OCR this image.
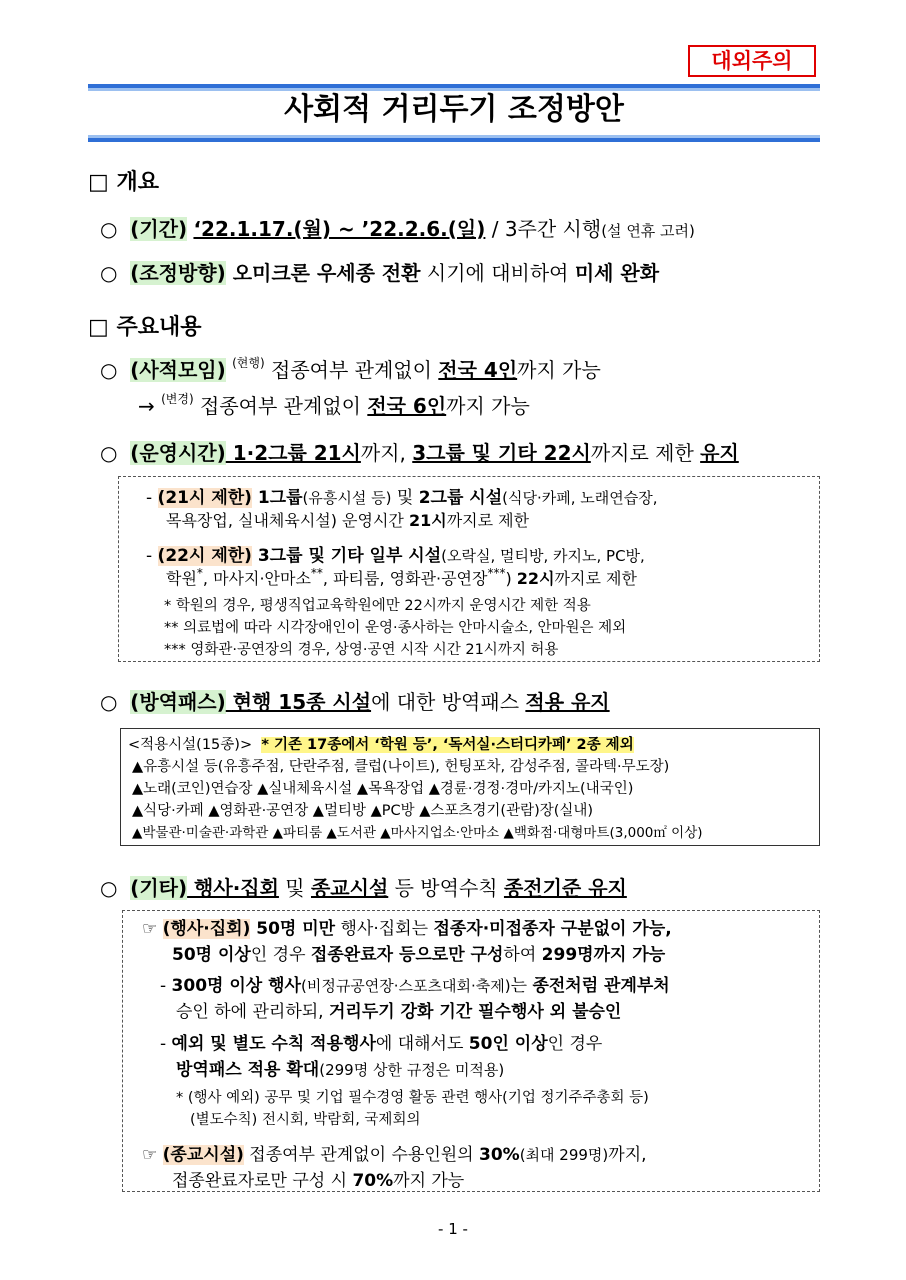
대외주의
사회적 거리두기 조정방안
□ 개요
○ (기간) ‘22.1.17.(월) ~ ’22.2.6.(일) / 3주간 시행(설 연휴 고려)
○ (조정방향) 오미크론 우세종 전환 시기에 대비하여 미세 완화
□ 주요내용
○ (사적모임) $^{(현행)}$ 접종여부 관계없이 전국 4인까지 가능
→ $^{(변경)}$ 접종여부 관계없이 전국 6인까지 가능
○ (운영시간) 1·2그룹 21시까지, 3그룹 및 기타 22시까지로 제한 유지
- (21시 제한) 1그룹(유흥시설 등) 및 2그룹 시설(식당·카페, 노래연습장,
목욕장업, 실내체육시설) 운영시간 21시까지로 제한
- (22시 제한) 3그룹 및 기타 일부 시설(오락실, 멀티방, 카지노, PC방,
학원*, 마사지·안마소**, 파티룸, 영화관·공연장***) 22시까지로 제한
* 학원의 경우, 평생직업교육학원에만 22시까지 운영시간 제한 적용
** 의료법에 따라 시각장애인이 운영·종사하는 안마시술소, 안마원은 제외
*** 영화관·공연장의 경우, 상영·공연 시작 시간 21시까지 허용
○ (방역패스) 현행 15종 시설에 대한 방역패스 적용 유지
<적용시설(15종)> * 기존 17종에서 ‘학원 등’, ‘독서실·스터디카페’ 2종 제외
▲유흥시설 등(유흥주점, 단란주점, 클럽(나이트), 헌팅포차, 감성주점, 콜라텍·무도장)
▲노래(코인)연습장 ▲실내체육시설 ▲목욕장업 ▲경륜·경정·경마/카지노(내국인)
▲식당·카페 ▲영화관·공연장 ▲멀티방 ▲PC방 ▲스포츠경기(관람)장(실내)
▲박물관·미술관·과학관 ▲파티룸 ▲도서관 ▲마사지업소·안마소 ▲백화점·대형마트(3,000㎡ 이상)
○ (기타) 행사·집회 및 종교시설 등 방역수칙 종전기준 유지
☞ (행사·집회) 50명 미만 행사·집회는 접종자·미접종자 구분없이 가능,
50명 이상인 경우 접종완료자 등으로만 구성하여 299명까지 가능
- 300명 이상 행사(비정규공연장·스포츠대회·축제)는 종전처럼 관계부처
승인 하에 관리하되, 거리두기 강화 기간 필수행사 외 불승인
- 예외 및 별도 수칙 적용행사에 대해서도 50인 이상인 경우
방역패스 적용 확대(299명 상한 규정은 미적용)
* (행사 예외) 공무 및 기업 필수경영 활동 관련 행사(기업 정기주주총회 등)
(별도수칙) 전시회, 박람회, 국제회의
☞ (종교시설) 접종여부 관계없이 수용인원의 30%(최대 299명)까지,
접종완료자로만 구성 시 70%까지 가능
- 1 -
